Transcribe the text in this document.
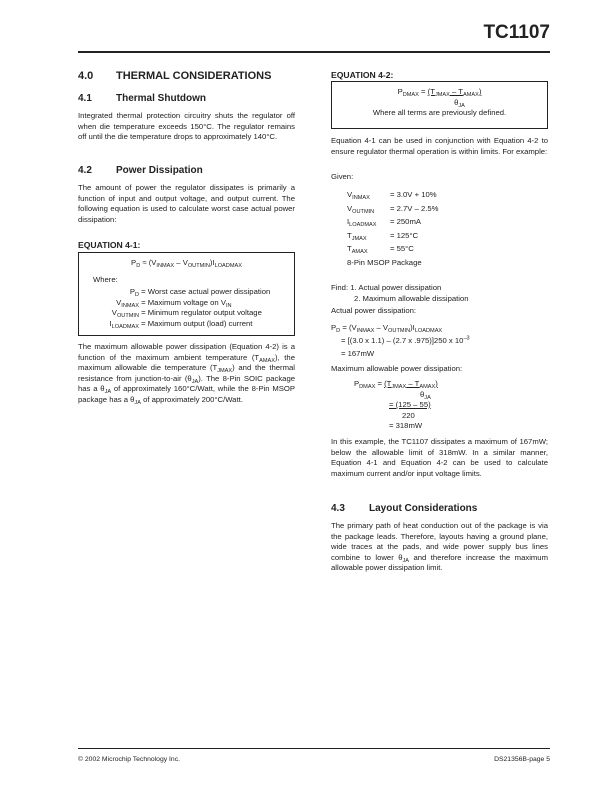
TC1107
4.0 THERMAL CONSIDERATIONS
4.1 Thermal Shutdown
Integrated thermal protection circuitry shuts the regulator off when die temperature exceeds 150°C. The regulator remains off until the die temperature drops to approximately 140°C.
4.2 Power Dissipation
The amount of power the regulator dissipates is primarily a function of input and output voltage, and output current. The following equation is used to calculate worst case actual power dissipation:
EQUATION 4-1:
$P_D \approx (V_{INMAX} - V_{OUTMIN})I_{LOADMAX}$
Where:
$P_D$
= Worst case actual power dissipation
$V_{INMAX}$
= Maximum voltage on $V_{IN}$
$V_{OUTMIN}$
= Minimum regulator output voltage
$I_{LOADMAX}$
= Maximum output (load) current
The maximum allowable power dissipation (Equation 4-2) is a function of the maximum ambient temperature $(T_{AMAX})$, the maximum allowable die temperature $(T_{JMAX})$ and the thermal resistance from junction-to-air $(\theta_{JA})$. The 8-Pin SOIC package has a $\theta_{JA}$ of approximately 160°C/Watt, while the 8-Pin MSOP package has a $\theta_{JA}$ of approximately 200°C/Watt.
EQUATION 4-2:
$P_{DMAX} = (T_{JMAX} - T_{AMAX})$
$\theta_{JA}$
Where all terms are previously defined.
Equation 4-1 can be used in conjunction with Equation 4-2 to ensure regulator thermal operation is within limits. For example:
Given:
$V_{INMAX}$	= 3.0V + 10%
$V_{OUTMIN}$	= 2.7V – 2.5%
$I_{LOADMAX}$	= 250mA
$T_{JMAX}$	= 125°C
$T_{AMAX}$	= 55°C
8-Pin MSOP Package
Find: 1. Actual power dissipation
2. Maximum allowable dissipation
Actual power dissipation:
$P_D = (V_{INMAX} - V_{OUTMIN})I_{LOADMAX}$
= [(3.0 x 1.1) – (2.7 x .975)]250 x $10^{-3}$
= 167mW
Maximum allowable power dissipation:
$P_{DMAX} = (T_{JMAX} - T_{AMAX})$
$\theta_{JA}$
= (125 – 55)
220
= 318mW
In this example, the TC1107 dissipates a maximum of 167mW; below the allowable limit of 318mW. In a similar manner, Equation 4-1 and Equation 4-2 can be used to calculate maximum current and/or input voltage limits.
4.3 Layout Considerations
The primary path of heat conduction out of the package is via the package leads. Therefore, layouts having a ground plane, wide traces at the pads, and wide power supply bus lines combine to lower $\theta_{JA}$ and therefore increase the maximum allowable power dissipation limit.
© 2002 Microchip Technology Inc.	DS21356B-page 5
